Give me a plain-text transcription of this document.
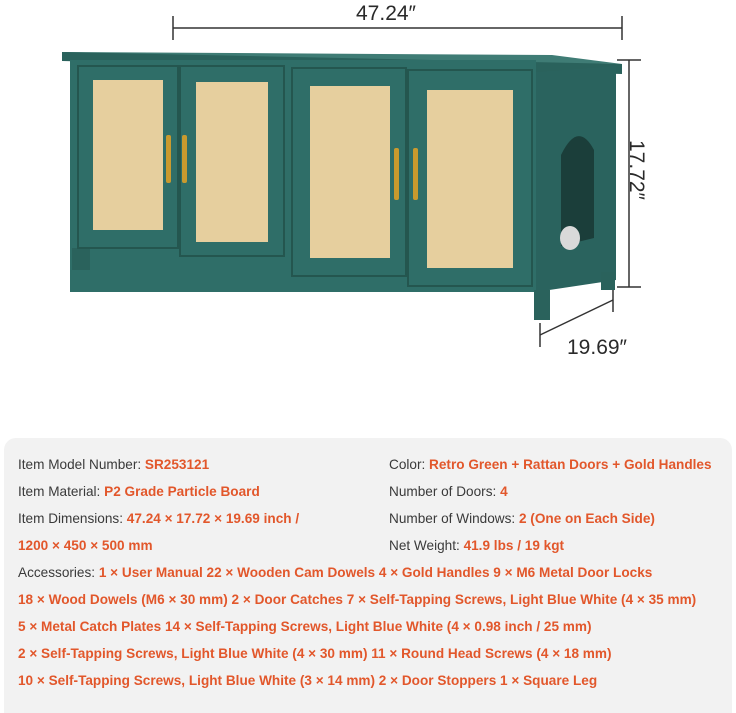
47.24″
17.72″
19.69″
Item Model Number: SR253121	Color: Retro Green + Rattan Doors + Gold Handles
Item Material: P2 Grade Particle Board	Number of Doors: 4
Item Dimensions: 47.24 × 17.72 × 19.69 inch /	Number of Windows: 2 (One on Each Side)
1200 × 450 × 500 mm	Net Weight: 41.9 lbs / 19 kgt
Accessories: 1 × User Manual 22 × Wooden Cam Dowels 4 × Gold Handles 9 × M6 Metal Door Locks
18 × Wood Dowels (M6 × 30 mm) 2 × Door Catches 7 × Self-Tapping Screws, Light Blue White (4 × 35 mm)
5 × Metal Catch Plates 14 × Self-Tapping Screws, Light Blue White (4 × 0.98 inch / 25 mm)
2 × Self-Tapping Screws, Light Blue White (4 × 30 mm) 11 × Round Head Screws (4 × 18 mm)
10 × Self-Tapping Screws, Light Blue White (3 × 14 mm) 2 × Door Stoppers 1 × Square Leg
